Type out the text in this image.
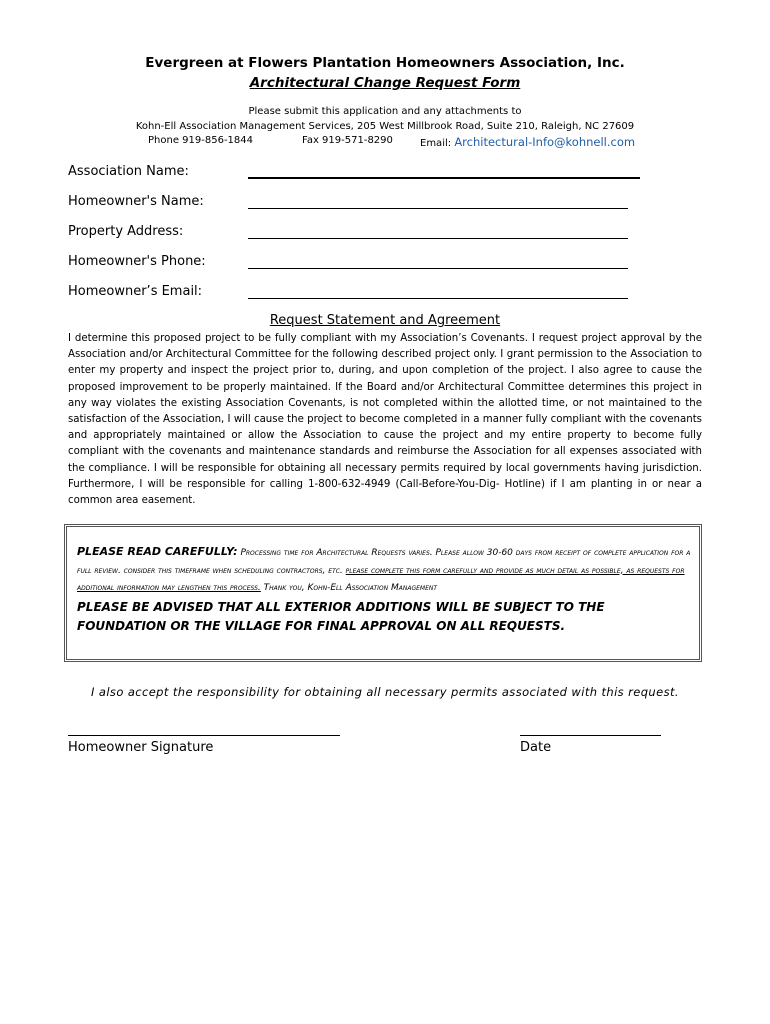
Evergreen at Flowers Plantation Homeowners Association, Inc.
Architectural Change Request Form
Please submit this application and any attachments to
Kohn-Ell Association Management Services, 205 West Millbrook Road, Suite 210, Raleigh, NC 27609
Phone 919-856-1844	Fax 919-571-8290	Email: Architectural-Info@kohnell.com
Association Name:
Homeowner's Name:
Property Address:
Homeowner's Phone:
Homeowner’s Email:
Request Statement and Agreement
I determine this proposed project to be fully compliant with my Association’s Covenants. I request project approval by the Association and/or Architectural Committee for the following described project only. I grant permission to the Association to enter my property and inspect the project prior to, during, and upon completion of the project. I also agree to cause the proposed improvement to be properly maintained. If the Board and/or Architectural Committee determines this project in any way violates the existing Association Covenants, is not completed within the allotted time, or not maintained to the satisfaction of the Association, I will cause the project to become completed in a manner fully compliant with the covenants and appropriately maintained or allow the Association to cause the project and my entire property to become fully compliant with the covenants and maintenance standards and reimburse the Association for all expenses associated with the compliance. I will be responsible for obtaining all necessary permits required by local governments having jurisdiction. Furthermore, I will be responsible for calling 1-800-632-4949 (Call-Before-You-Dig- Hotline) if I am planting in or near a common area easement.
PLEASE READ CAREFULLY: Processing time for Architectural Requests varies. Please allow 30-60 days from receipt of complete application for a full review. consider this timeframe when scheduling contractors, etc. please complete this form carefully and provide as much detail as possible, as requests for additional information may lengthen this process. Thank you, Kohn-Ell Association Management
PLEASE BE ADVISED THAT ALL EXTERIOR ADDITIONS WILL BE SUBJECT TO THE FOUNDATION OR THE VILLAGE FOR FINAL APPROVAL ON ALL REQUESTS.
I also accept the responsibility for obtaining all necessary permits associated with this request.
Homeowner Signature	Date
